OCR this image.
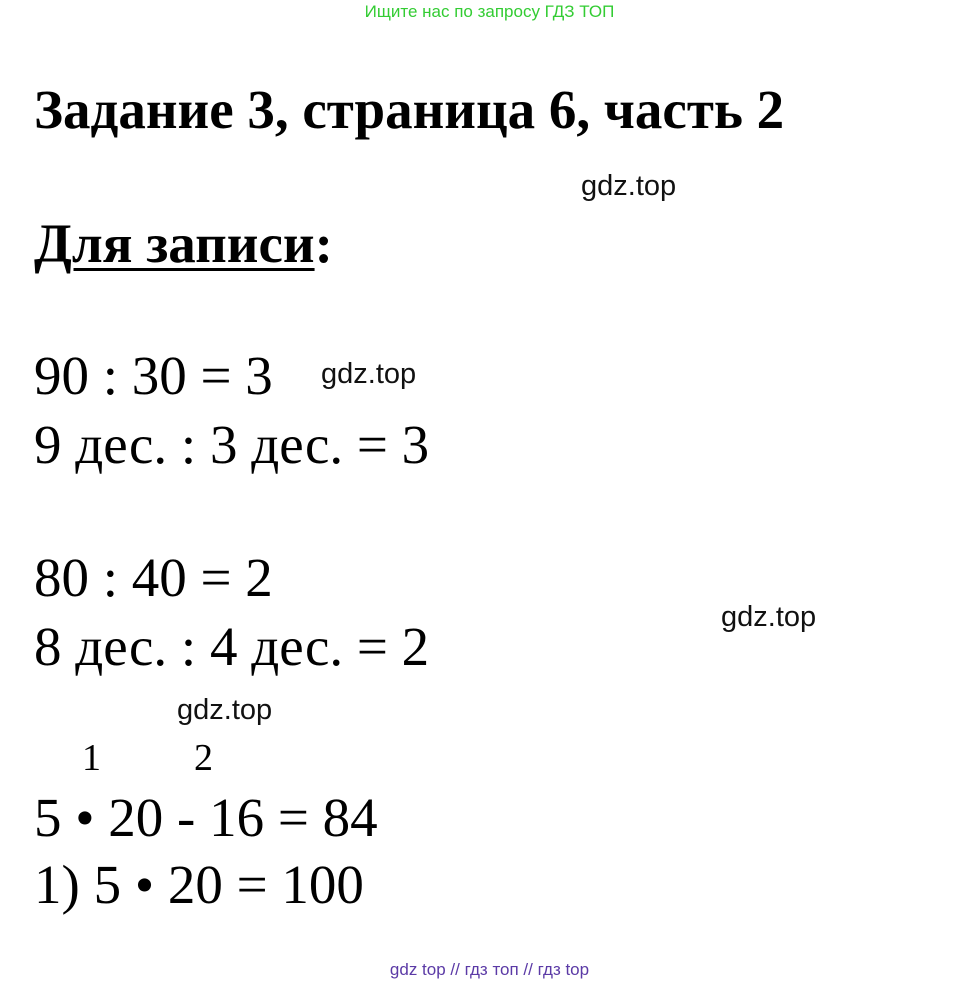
Ищите нас по запросу ГДЗ ТОП
Задание 3, страница 6, часть 2
gdz.top
Для записи:
90 : 30 = 3 gdz.top
9 дес. : 3 дес. = 3
80 : 40 = 2
gdz.top
8 дес. : 4 дес. = 2
gdz.top
1 2
5 • 20 - 16 = 84
1) 5 • 20 = 100
gdz top // гдз топ // гдз top
